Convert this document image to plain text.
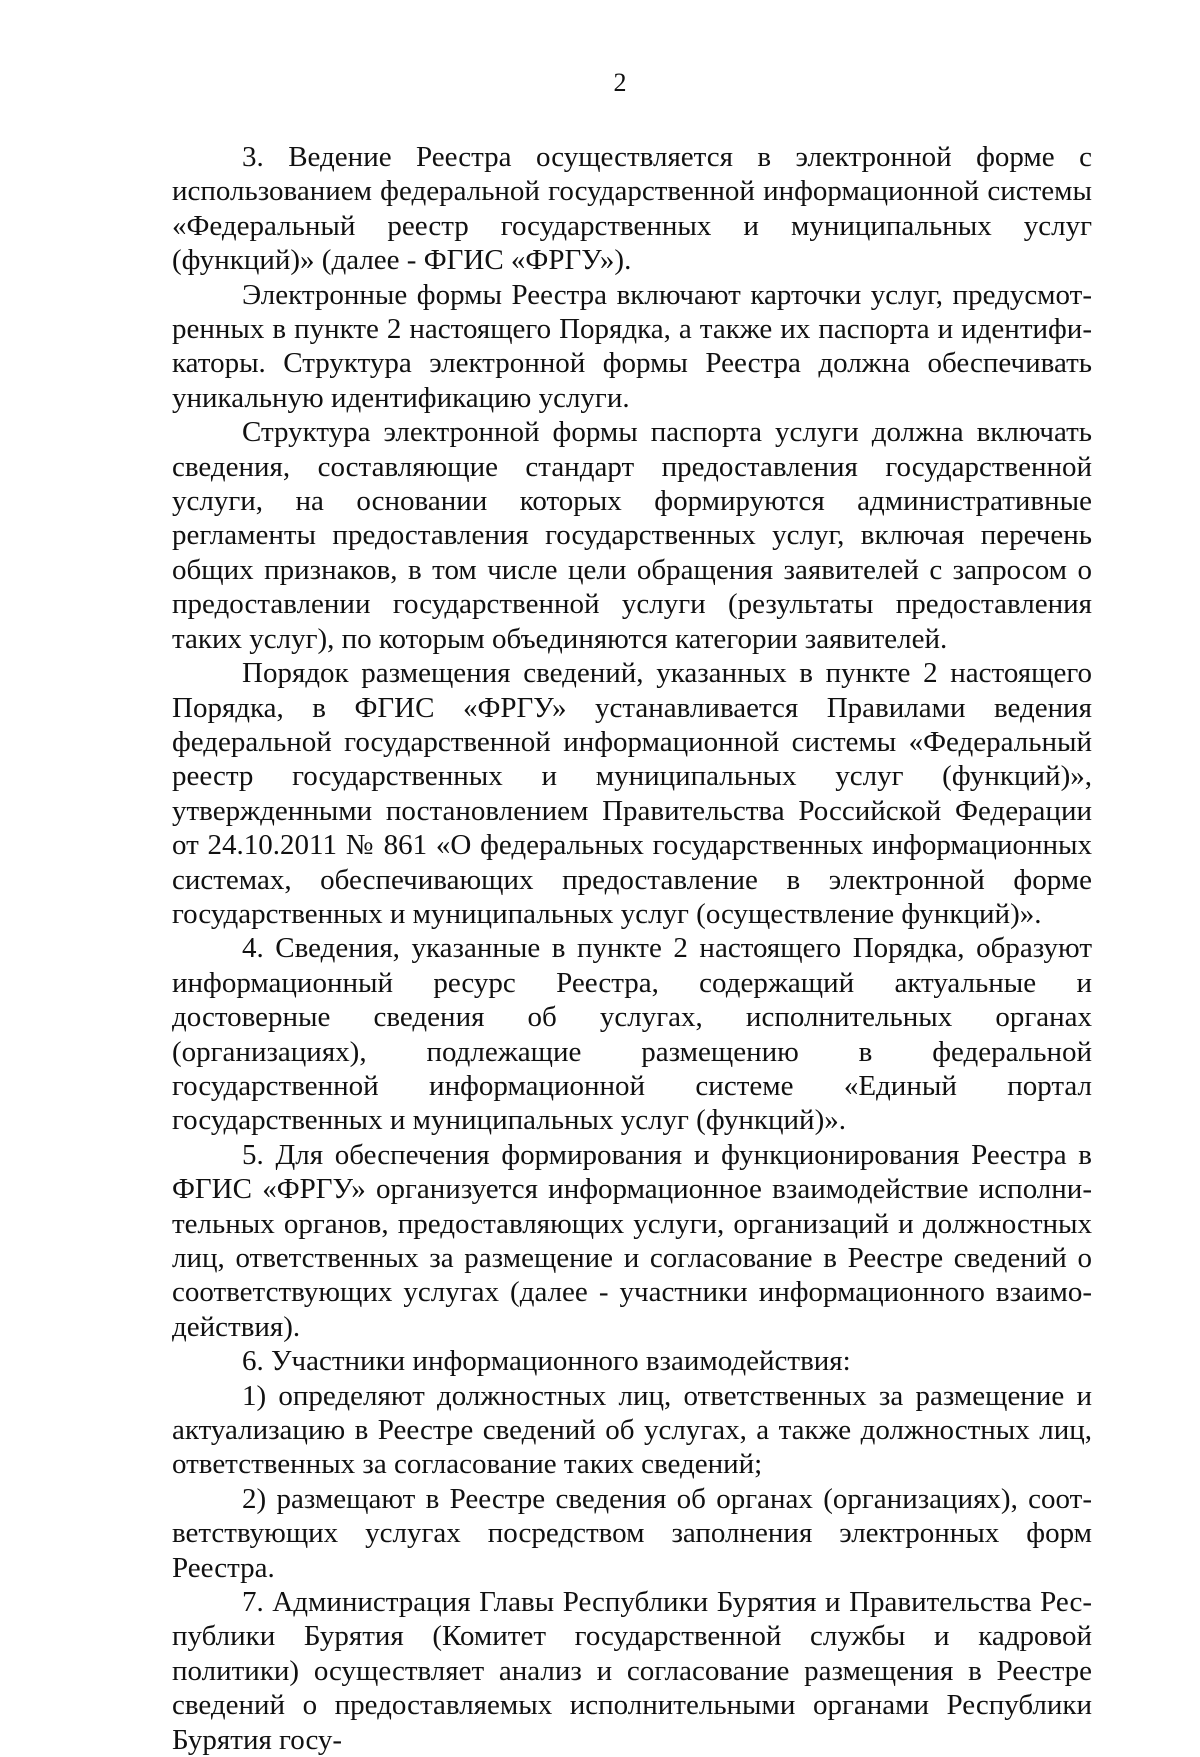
2

3. Ведение Реестра осуществляется в электронной форме с использованием федеральной государственной информационной системы «Федеральный реестр государственных и муниципальных услуг (функций)» (далее - ФГИС «ФРГУ»).

Электронные формы Реестра включают карточки услуг, предусмотренных в пункте 2 настоящего Порядка, а также их паспорта и идентификаторы. Структура электронной формы Реестра должна обеспечивать уникальную идентификацию услуги.

Структура электронной формы паспорта услуги должна включать сведения, составляющие стандарт предоставления государственной услуги, на основании которых формируются административные регламенты предоставления государственных услуг, включая перечень общих признаков, в том числе цели обращения заявителей с запросом о предоставлении государственной услуги (результаты предоставления таких услуг), по которым объединяются категории заявителей.

Порядок размещения сведений, указанных в пункте 2 настоящего Порядка, в ФГИС «ФРГУ» устанавливается Правилами ведения федеральной государственной информационной системы «Федеральный реестр государственных и муниципальных услуг (функций)», утвержденными постановлением Правительства Российской Федерации от 24.10.2011 № 861 «О федеральных государственных информационных системах, обеспечивающих предоставление в электронной форме государственных и муниципальных услуг (осуществление функций)».

4. Сведения, указанные в пункте 2 настоящего Порядка, образуют информационный ресурс Реестра, содержащий актуальные и достоверные сведения об услугах, исполнительных органах (организациях), подлежащие размещению в федеральной государственной информационной системе «Единый портал государственных и муниципальных услуг (функций)».

5. Для обеспечения формирования и функционирования Реестра в ФГИС «ФРГУ» организуется информационное взаимодействие исполнительных органов, предоставляющих услуги, организаций и должностных лиц, ответственных за размещение и согласование в Реестре сведений о соответствующих услугах (далее - участники информационного взаимодействия).

6. Участники информационного взаимодействия:

1) определяют должностных лиц, ответственных за размещение и актуализацию в Реестре сведений об услугах, а также должностных лиц, ответственных за согласование таких сведений;

2) размещают в Реестре сведения об органах (организациях), соответствующих услугах посредством заполнения электронных форм Реестра.

7. Администрация Главы Республики Бурятия и Правительства Республики Бурятия (Комитет государственной службы и кадровой политики) осуществляет анализ и согласование размещения в Реестре сведений о предоставляемых исполнительными органами Республики Бурятия госу-
